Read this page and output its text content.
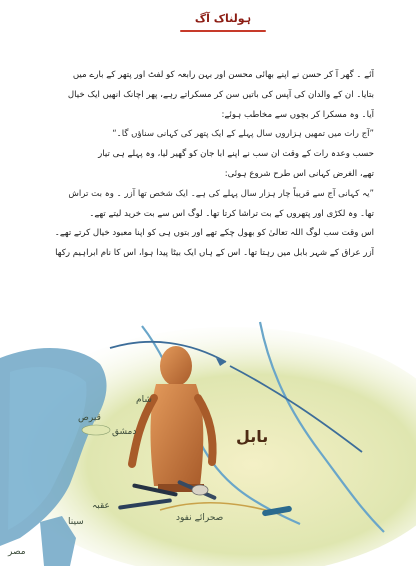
ہولناک آگ
آئے ۔ گھر آ کر حسن نے اپنے بھائی محسن اور بہن رابعہ کو لفٹ اور پتھر کے بارے میں
بتایا۔ ان کے والدان کی آپس کی باتیں سن کر مسکراتے رہے، پھر اچانک انھیں ایک خیال
آیا۔ وہ مسکرا کر بچوں سے مخاطب ہوئے:
”آج رات میں تمھیں ہزاروں سال پہلے کے ایک پتھر کی کہانی سناؤں گا۔“
حسب وعدہ رات کے وقت ان سب نے اپنے ابا جان کو گھیر لیا، وہ پہلے ہی تیار
تھے، الغرض کہانی اس طرح شروع ہوئی:
”یہ کہانی آج سے قریباً چار ہزار سال پہلے کی ہے۔ ایک شخص تھا آزر ۔ وہ بت تراش
تھا۔ وہ لکڑی اور پتھروں کے بت تراشا کرتا تھا۔ لوگ اس سے بت خرید لیتے تھے۔
اس وقت سب لوگ اللہ تعالیٰ کو بھول چکے تھے اور بتوں ہی کو اپنا معبود خیال کرتے تھے۔
آزر عراق کے شہر بابل میں رہتا تھا۔ اس کے ہاں ایک بیٹا پیدا ہوا، اس کا نام ابراہیم رکھا
بابل
شام
دمشق
قبرص
عقبہ
سینا
مصر
صحرائے نفود
